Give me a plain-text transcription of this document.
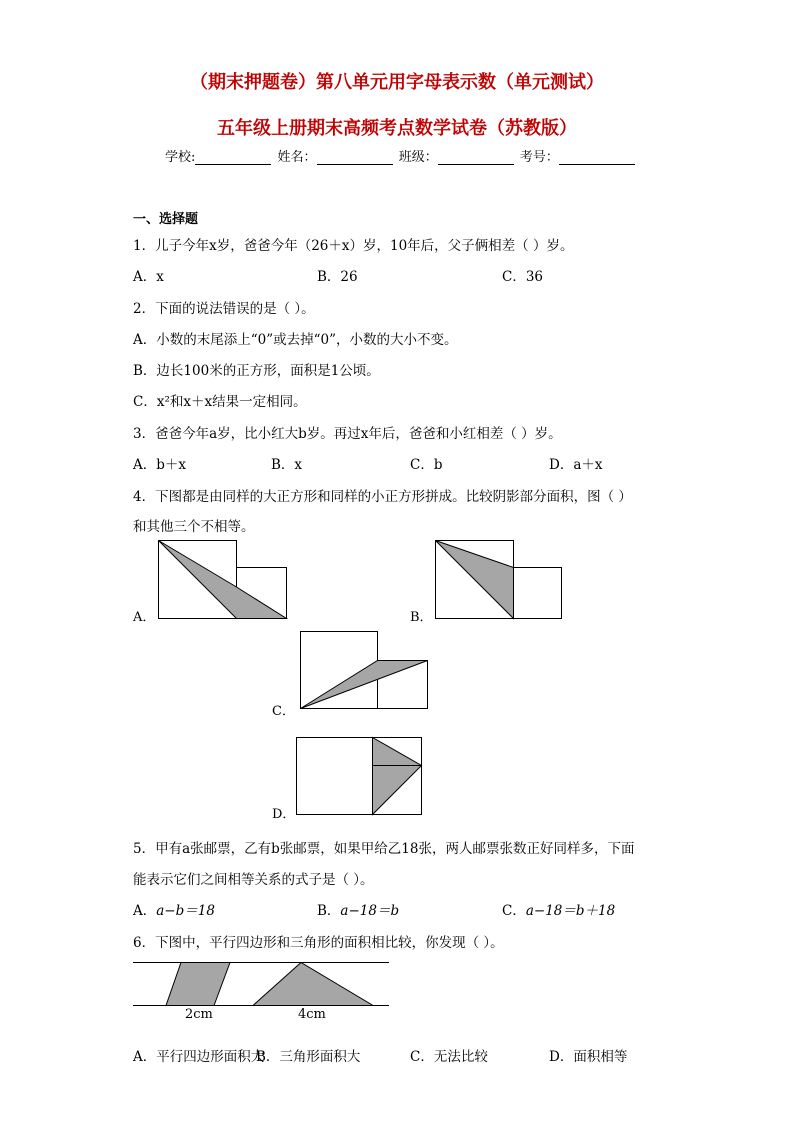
（期末押题卷）第八单元用字母表示数（单元测试）
五年级上册期末高频考点数学试卷（苏教版）
学校:	姓名：	班级：	考号：
一、选择题
1．儿子今年x岁，爸爸今年（26＋x）岁，10年后，父子俩相差（ ）岁。
A．x	B．26	C．36
2．下面的说法错误的是（ ）。
A．小数的末尾添上“0”或去掉“0”，小数的大小不变。
B．边长100米的正方形，面积是1公顷。
C．x²和x＋x结果一定相同。
3．爸爸今年a岁，比小红大b岁。再过x年后，爸爸和小红相差（ ）岁。
A．b＋x	B．x	C．b	D．a＋x
4．下图都是由同样的大正方形和同样的小正方形拼成。比较阴影部分面积，图（ ）
和其他三个不相等。
A．	B．
C．
D．
5．甲有a张邮票，乙有b张邮票，如果甲给乙18张，两人邮票张数正好同样多，下面
能表示它们之间相等关系的式子是（ ）。
A．a−b＝18	B．a−18＝b	C．a−18＝b＋18
6．下图中，平行四边形和三角形的面积相比较，你发现（ ）。
2cm	4cm
A．平行四边形面积大
B．三角形面积大	C．无法比较	D．面积相等
